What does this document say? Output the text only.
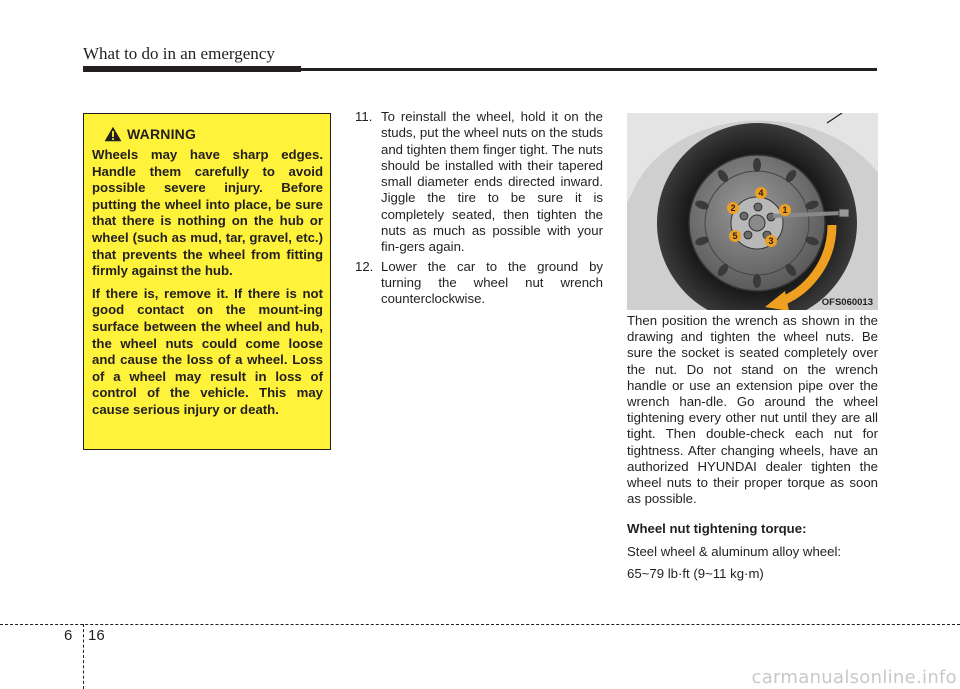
What to do in an emergency
WARNING

Wheels may have sharp edges. Handle them carefully to avoid possible severe injury. Before putting the wheel into place, be sure that there is nothing on the hub or wheel (such as mud, tar, gravel, etc.) that prevents the wheel from fitting firmly against the hub.

If there is, remove it. If there is not good contact on the mount-ing surface between the wheel and hub, the wheel nuts could come loose and cause the loss of a wheel. Loss of a wheel may result in loss of control of the vehicle. This may cause serious injury or death.

11. To reinstall the wheel, hold it on the studs, put the wheel nuts on the studs and tighten them finger tight. The nuts should be installed with their tapered small diameter ends directed inward. Jiggle the tire to be sure it is completely seated, then tighten the nuts as much as possible with your fin-gers again.
12. Lower the car to the ground by turning the wheel nut wrench counterclockwise.
1
2
3
4
5
OFS060013

Then position the wrench as shown in the drawing and tighten the wheel nuts. Be sure the socket is seated completely over the nut. Do not stand on the wrench handle or use an extension pipe over the wrench han-dle. Go around the wheel tightening every other nut until they are all tight. Then double-check each nut for tightness. After changing wheels, have an authorized HYUNDAI dealer tighten the wheel nuts to their proper torque as soon as possible.

Wheel nut tightening torque:

Steel wheel & aluminum alloy wheel:

65~79 lb·ft (9~11 kg·m)

6 16
carmanualsonline.info
